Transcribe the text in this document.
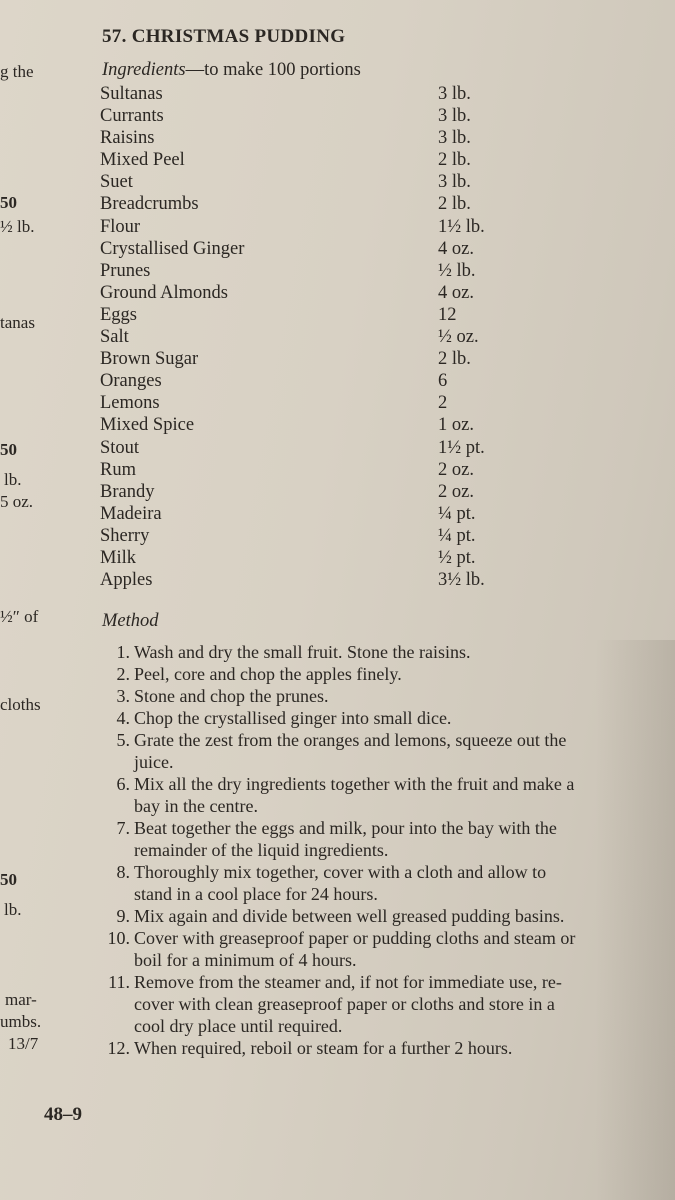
g the
50
½ lb.
tanas
50
lb.
5 oz.
½″ of
cloths
50
lb.
mar-
umbs.
13/7
57. CHRISTMAS PUDDING
Ingredients—to make 100 portions
Sultanas	3 lb.
Currants	3 lb.
Raisins	3 lb.
Mixed Peel	2 lb.
Suet	3 lb.
Breadcrumbs	2 lb.
Flour	1½ lb.
Crystallised Ginger	4 oz.
Prunes	½ lb.
Ground Almonds	4 oz.
Eggs	12
Salt	½ oz.
Brown Sugar	2 lb.
Oranges	6
Lemons	2
Mixed Spice	1 oz.
Stout	1½ pt.
Rum	2 oz.
Brandy	2 oz.
Madeira	¼ pt.
Sherry	¼ pt.
Milk	½ pt.
Apples	3½ lb.
Method
1. Wash and dry the small fruit. Stone the raisins.
2. Peel, core and chop the apples finely.
3. Stone and chop the prunes.
4. Chop the crystallised ginger into small dice.
5. Grate the zest from the oranges and lemons, squeeze out the juice.
6. Mix all the dry ingredients together with the fruit and make a bay in the centre.
7. Beat together the eggs and milk, pour into the bay with the remainder of the liquid ingredients.
8. Thoroughly mix together, cover with a cloth and allow to stand in a cool place for 24 hours.
9. Mix again and divide between well greased pudding basins.
10. Cover with greaseproof paper or pudding cloths and steam or boil for a minimum of 4 hours.
11. Remove from the steamer and, if not for immediate use, re-cover with clean greaseproof paper or cloths and store in a cool dry place until required.
12. When required, reboil or steam for a further 2 hours.
48–9
